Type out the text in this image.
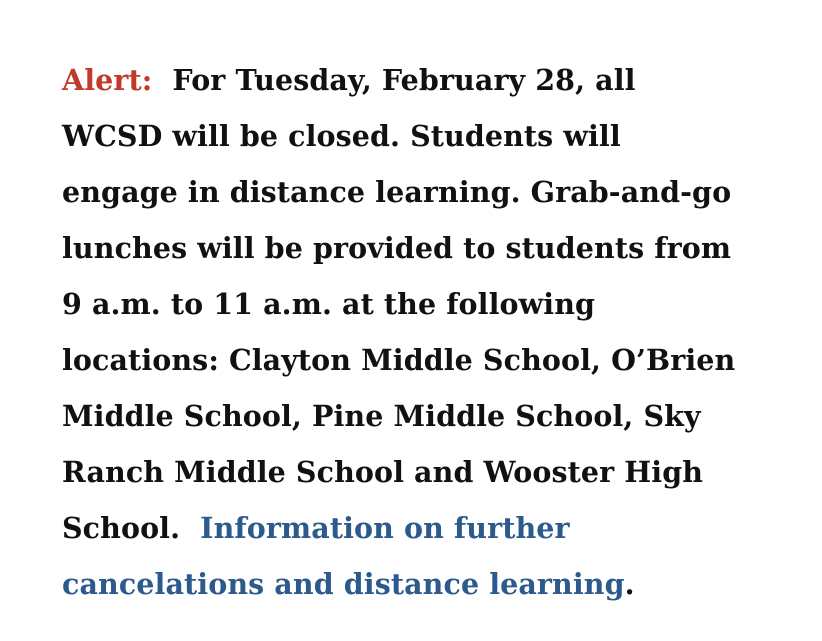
Alert: For Tuesday, February 28, all
WCSD will be closed. Students will
engage in distance learning. Grab-and-go
lunches will be provided to students from
9 a.m. to 11 a.m. at the following
locations: Clayton Middle School, O’Brien
Middle School, Pine Middle School, Sky
Ranch Middle School and Wooster High
School. Information on further
cancelations and distance learning.
